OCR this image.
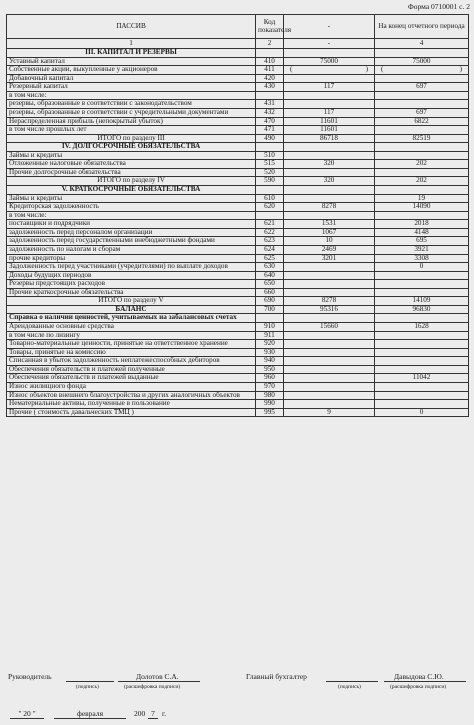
Форма 0710001 с. 2
ПАССИВ	Код показателя	-	На конец отчетного периода
1	2	-	4
III. КАПИТАЛ И РЕЗЕРВЫ			
Уставный капитал	410	75000	75000
Собственные акции, выкупленные у акционеров	411	( )	( )

Добавочный капитал	420		
Резервный капитал	430	117	697
в том числе:			
резервы, образованные в соответствии с законодательством	431		
резервы, образованные в соответствии с учредительными документами	432	117	697
Нераспределенная прибыль (непокрытый убыток)	470	11601	6822
в том числе прошлых лет	471	11601	
ИТОГО по разделу III	490	86718	82519
IV. ДОЛГОСРОЧНЫЕ ОБЯЗАТЕЛЬСТВА			
Займы и кредиты	510		
Отложенные налоговые обязательства	515	320	202
Прочие долгосрочные обязательства	520		
ИТОГО по разделу IV	590	320	202
V. КРАТКОСРОЧНЫЕ ОБЯЗАТЕЛЬСТВА			
Займы и кредиты	610		19
Кредиторская задолженность	620	8278	14090
в том числе:			
поставщики и подрядчики	621	1531	2018
задолженность перед персоналом организации	622	1067	4148
задолженность перед государственными внебюджетными фондами	623	10	695
задолженность по налогам и сборам	624	2469	3921
прочие кредиторы	625	3201	3308
Задолженность перед участниками (учредителями) по выплате доходов	630		0
Доходы будущих периодов	640		
Резервы предстоящих расходов	650		
Прочие краткосрочные обязательства	660		
ИТОГО по разделу V	690	8278	14109
БАЛАНС	700	95316	96830
Справка о наличии ценностей, учитываемых на забалансовых счетах			
Арендованные основные средства	910	15660	1628
в том числе по лизингу	911		
Товарно-материальные ценности, принятые на ответственное хранение	920		
Товары, принятые на комиссию	930		
Списанная в убыток задолженность неплатежеспособных дебиторов	940		
Обеспечения обязательств и платежей полученные	950		
Обеспечения обязательств и платежей выданные	960		11042
Износ жилищного фонда	970		
Износ объектов внешнего благоустройства и других аналогичных объектов	980		
Нематериальные активы, полученные в пользование	990		
Прочие ( стоимость давальческих ТМЦ )	995	9	0
Руководитель	Долотов С.А.
(подпись)	(расшифровка подписи)
Главный бухгалтер	Давыдова С.Ю.
(подпись)	(расшифровка подписи)
" 20 "	февраля	200 7 г.
